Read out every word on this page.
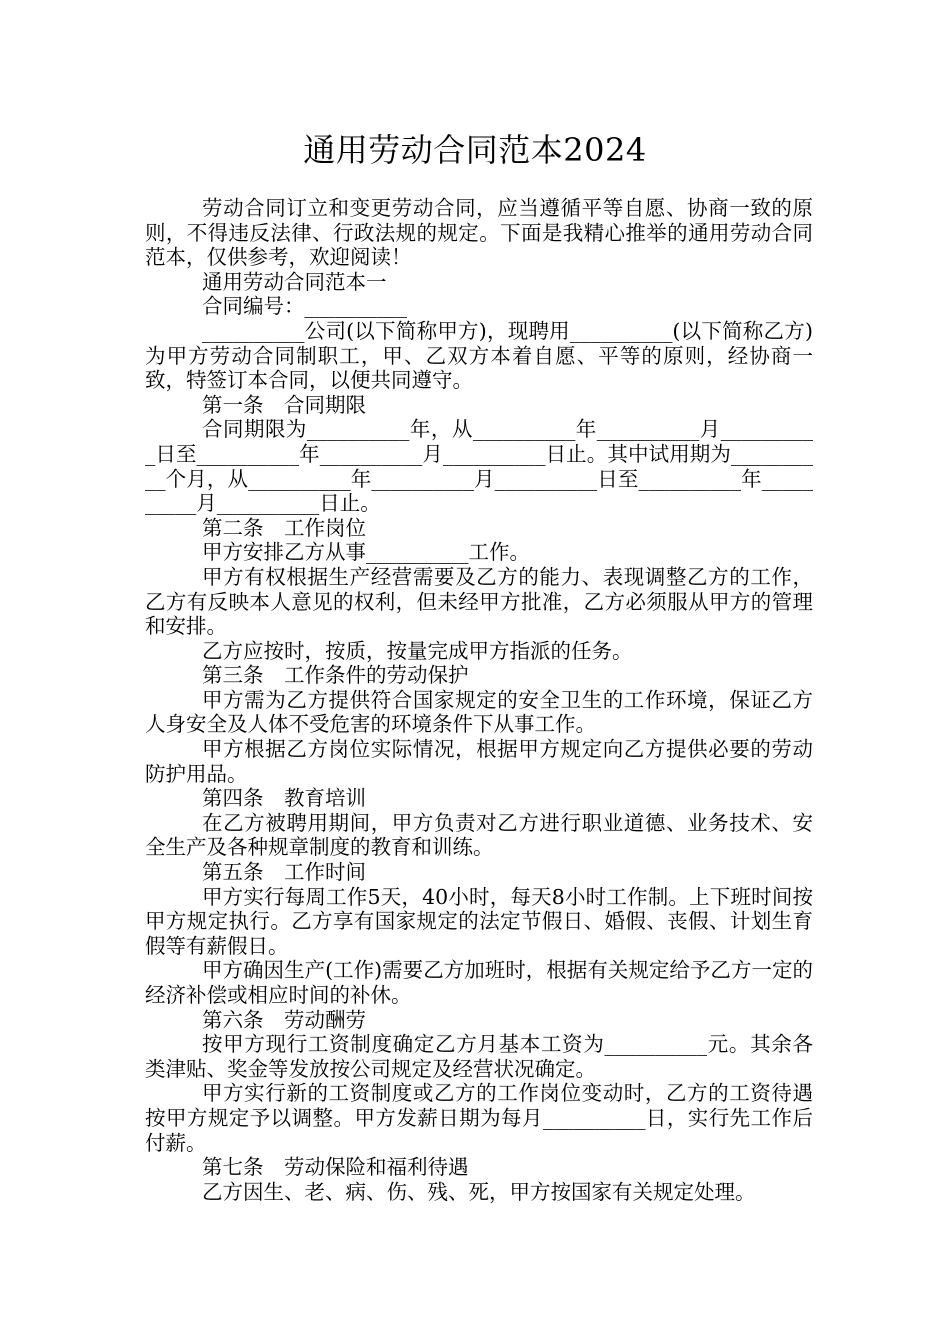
通用劳动合同范本2024

劳动合同订立和变更劳动合同，应当遵循平等自愿、协商一致的原则，不得违反法律、行政法规的规定。下面是我精心推举的通用劳动合同范本，仅供参考，欢迎阅读！

通用劳动合同范本一

合同编号：__________

__________公司(以下简称甲方)，现聘用__________(以下简称乙方)为甲方劳动合同制职工，甲、乙双方本着自愿、平等的原则，经协商一致，特签订本合同，以便共同遵守。

第一条　合同期限

合同期限为__________年，从__________年__________月__________日至__________年__________月__________日止。其中试用期为__________个月，从__________年__________月__________日至__________年__________月__________日止。

第二条　工作岗位

甲方安排乙方从事__________工作。

甲方有权根据生产经营需要及乙方的能力、表现调整乙方的工作，乙方有反映本人意见的权利，但未经甲方批准，乙方必须服从甲方的管理和安排。

乙方应按时，按质，按量完成甲方指派的任务。

第三条　工作条件的劳动保护

甲方需为乙方提供符合国家规定的安全卫生的工作环境，保证乙方人身安全及人体不受危害的环境条件下从事工作。

甲方根据乙方岗位实际情况，根据甲方规定向乙方提供必要的劳动防护用品。

第四条　教育培训

在乙方被聘用期间，甲方负责对乙方进行职业道德、业务技术、安全生产及各种规章制度的教育和训练。

第五条　工作时间

甲方实行每周工作5天，40小时，每天8小时工作制。上下班时间按甲方规定执行。乙方享有国家规定的法定节假日、婚假、丧假、计划生育假等有薪假日。

甲方确因生产(工作)需要乙方加班时，根据有关规定给予乙方一定的经济补偿或相应时间的补休。

第六条　劳动酬劳

按甲方现行工资制度确定乙方月基本工资为__________元。其余各类津贴、奖金等发放按公司规定及经营状况确定。

甲方实行新的工资制度或乙方的工作岗位变动时，乙方的工资待遇按甲方规定予以调整。甲方发薪日期为每月__________日，实行先工作后付薪。

第七条　劳动保险和福利待遇

乙方因生、老、病、伤、残、死，甲方按国家有关规定处理。
